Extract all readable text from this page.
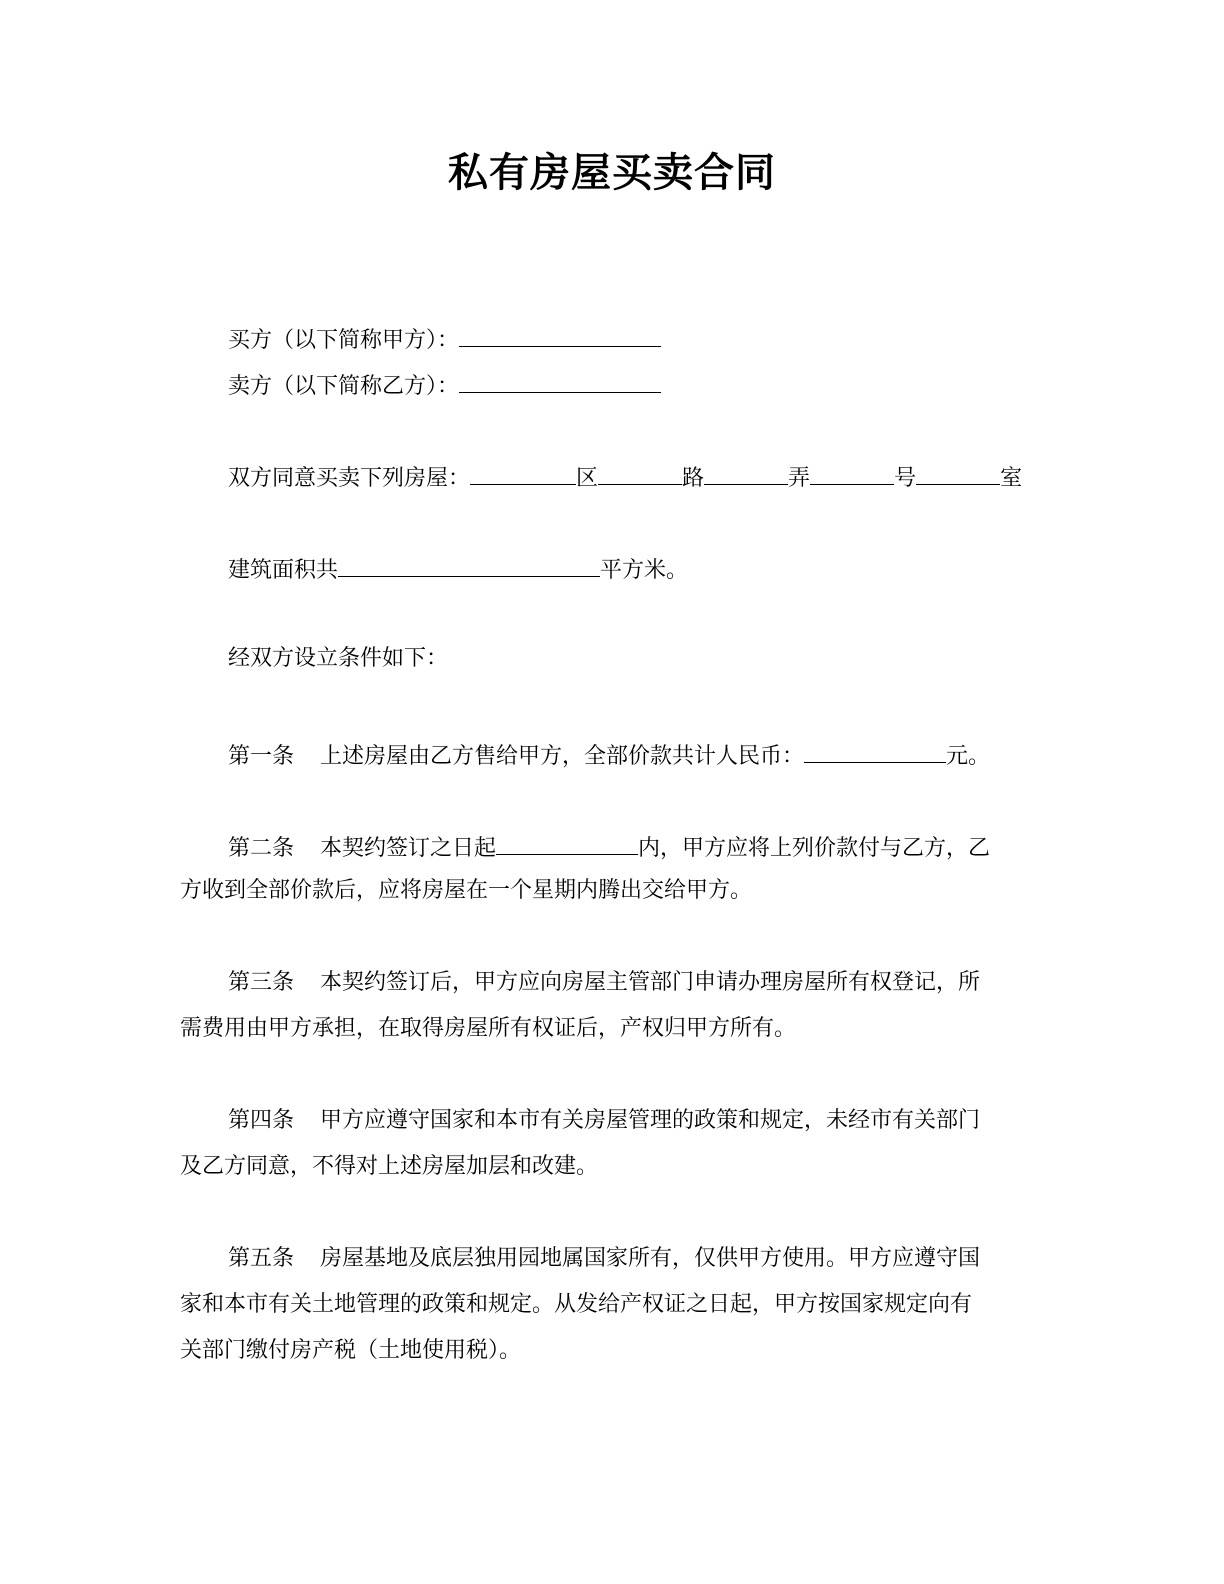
私有房屋买卖合同
买方（以下简称甲方）：
卖方（以下简称乙方）：
双方同意买卖下列房屋：	区	路	弄	号	室
建筑面积共	平方米。
经双方设立条件如下：
第一条 上述房屋由乙方售给甲方，全部价款共计人民币：	元。
第二条 本契约签订之日起	内，甲方应将上列价款付与乙方，乙
方收到全部价款后，应将房屋在一个星期内腾出交给甲方。
第三条 本契约签订后，甲方应向房屋主管部门申请办理房屋所有权登记，所
需费用由甲方承担，在取得房屋所有权证后，产权归甲方所有。
第四条 甲方应遵守国家和本市有关房屋管理的政策和规定，未经市有关部门
及乙方同意，不得对上述房屋加层和改建。
第五条 房屋基地及底层独用园地属国家所有，仅供甲方使用。甲方应遵守国
家和本市有关土地管理的政策和规定。从发给产权证之日起，甲方按国家规定向有
关部门缴付房产税（土地使用税）。
